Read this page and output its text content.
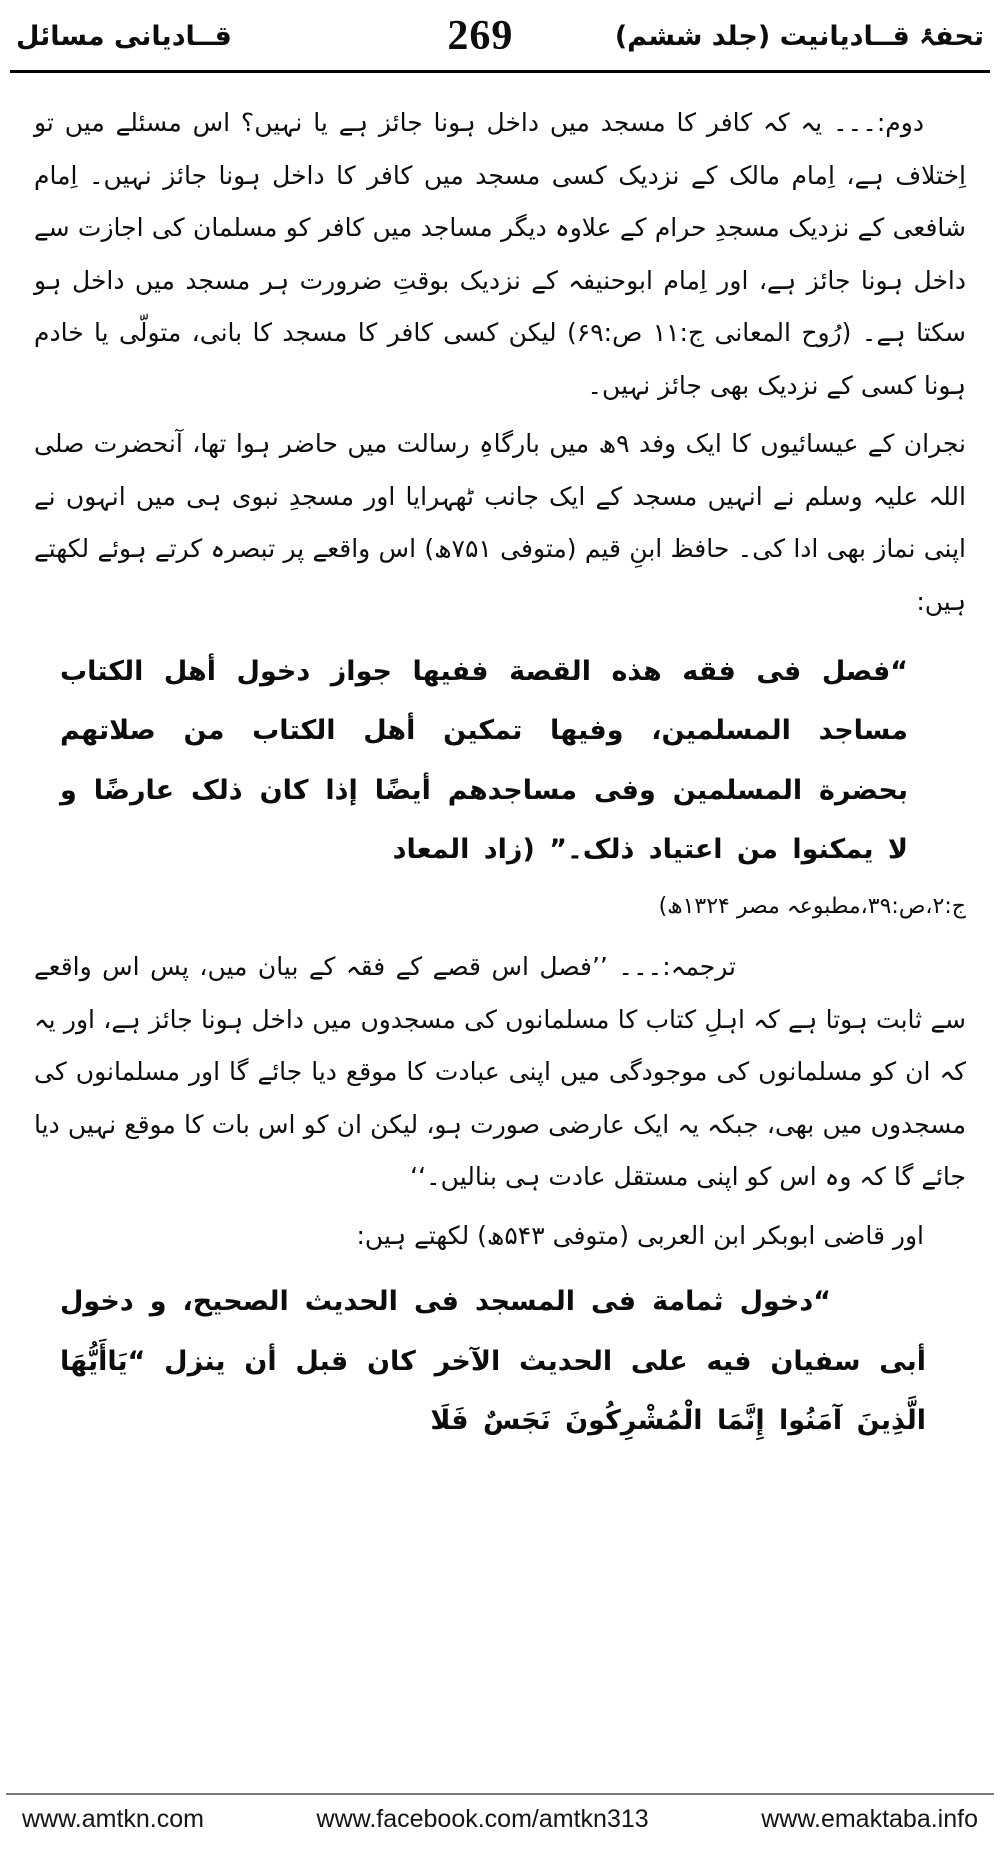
تحفۂ قــادیانیت (جلد ششم)
269
قــادیانی مسائل

دوم:۔۔۔ یہ کہ کافر کا مسجد میں داخل ہونا جائز ہے یا نہیں؟ اس مسئلے میں تو اِختلاف ہے، اِمام مالک کے نزدیک کسی مسجد میں کافر کا داخل ہونا جائز نہیں۔ اِمام شافعی کے نزدیک مسجدِ حرام کے علاوہ دیگر مساجد میں کافر کو مسلمان کی اجازت سے داخل ہونا جائز ہے، اور اِمام ابوحنیفہ کے نزدیک بوقتِ ضرورت ہر مسجد میں داخل ہو سکتا ہے۔ (رُوح المعانی ج:۱۱ ص:۶۹) لیکن کسی کافر کا مسجد کا بانی، متولّی یا خادم ہونا کسی کے نزدیک بھی جائز نہیں۔

نجران کے عیسائیوں کا ایک وفد ۹ھ میں بارگاہِ رسالت میں حاضر ہوا تھا، آنحضرت صلی اللہ علیہ وسلم نے انہیں مسجد کے ایک جانب ٹھہرایا اور مسجدِ نبوی ہی میں انہوں نے اپنی نماز بھی ادا کی۔ حافظ ابنِ قیم (متوفی ۷۵۱ھ) اس واقعے پر تبصرہ کرتے ہوئے لکھتے ہیں:

“فصل فی فقه هذه القصة ففیها جواز دخول أهل الکتاب مساجد المسلمین، وفیها تمکین أهل الکتاب من صلاتهم بحضرة المسلمین وفی مساجدهم أیضًا إذا کان ذلک عارضًا و لا یمکنوا من اعتیاد ذلک۔” (زاد المعاد

ج:۲،ص:۳۹،مطبوعہ مصر ۱۳۲۴ھ)

ترجمہ:۔۔۔ ’’فصل اس قصے کے فقہ کے بیان میں، پس اس واقعے سے ثابت ہوتا ہے کہ اہلِ کتاب کا مسلمانوں کی مسجدوں میں داخل ہونا جائز ہے، اور یہ کہ ان کو مسلمانوں کی موجودگی میں اپنی عبادت کا موقع دیا جائے گا اور مسلمانوں کی مسجدوں میں بھی، جبکہ یہ ایک عارضی صورت ہو، لیکن ان کو اس بات کا موقع نہیں دیا جائے گا کہ وہ اس کو اپنی مستقل عادت ہی بنالیں۔‘‘

اور قاضی ابوبکر ابن العربی (متوفی ۵۴۳ھ) لکھتے ہیں:

“دخول ثمامة فی المسجد فی الحدیث الصحیح، و دخول أبی سفیان فیه علی الحدیث الآخر کان قبل أن ینزل “يَاأَيُّهَا الَّذِينَ آمَنُوا إِنَّمَا الْمُشْرِكُونَ نَجَسٌ فَلَا

www.amtkn.com	www.facebook.com/amtkn313	www.emaktaba.info
